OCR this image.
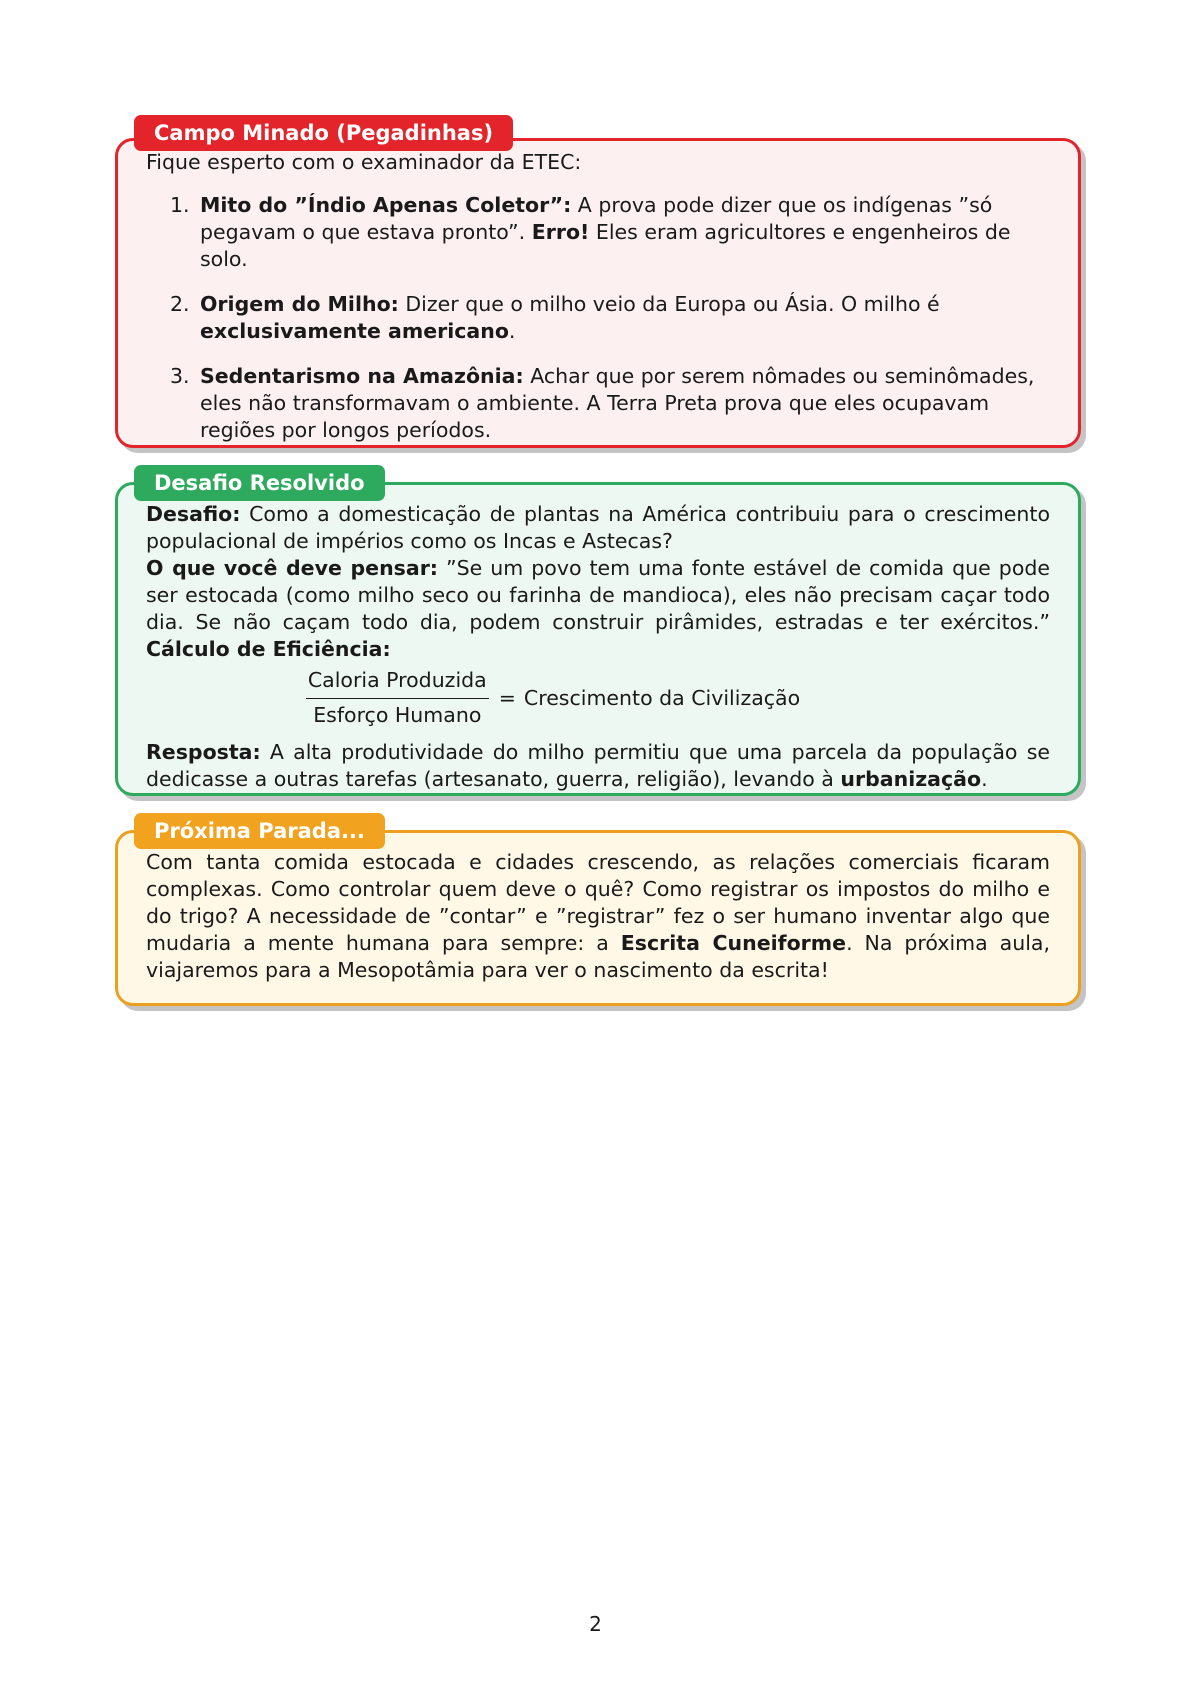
Campo Minado (Pegadinhas)
Fique esperto com o examinador da ETEC:
1. Mito do ”Índio Apenas Coletor”: A prova pode dizer que os indígenas ”só pegavam o que estava pronto”. Erro! Eles eram agricultores e engenheiros de solo.
2. Origem do Milho: Dizer que o milho veio da Europa ou Ásia. O milho é exclusivamente americano.
3. Sedentarismo na Amazônia: Achar que por serem nômades ou seminômades, eles não transformavam o ambiente. A Terra Preta prova que eles ocupavam regiões por longos períodos.
Desafio Resolvido
Desafio: Como a domesticação de plantas na América contribuiu para o crescimento populacional de impérios como os Incas e Astecas?
O que você deve pensar: ”Se um povo tem uma fonte estável de comida que pode ser estocada (como milho seco ou farinha de mandioca), eles não precisam caçar todo dia. Se não caçam todo dia, podem construir pirâmides, estradas e ter exércitos.” Cálculo de Eficiência:
$\frac{\text{Caloria Produzida}}{\text{Esforço Humano}}$ = Crescimento da Civilização
Resposta: A alta produtividade do milho permitiu que uma parcela da população se dedicasse a outras tarefas (artesanato, guerra, religião), levando à urbanização.
Próxima Parada...
Com tanta comida estocada e cidades crescendo, as relações comerciais ficaram complexas. Como controlar quem deve o quê? Como registrar os impostos do milho e do trigo? A necessidade de ”contar” e ”registrar” fez o ser humano inventar algo que mudaria a mente humana para sempre: a Escrita Cuneiforme. Na próxima aula, viajaremos para a Mesopotâmia para ver o nascimento da escrita!
2
